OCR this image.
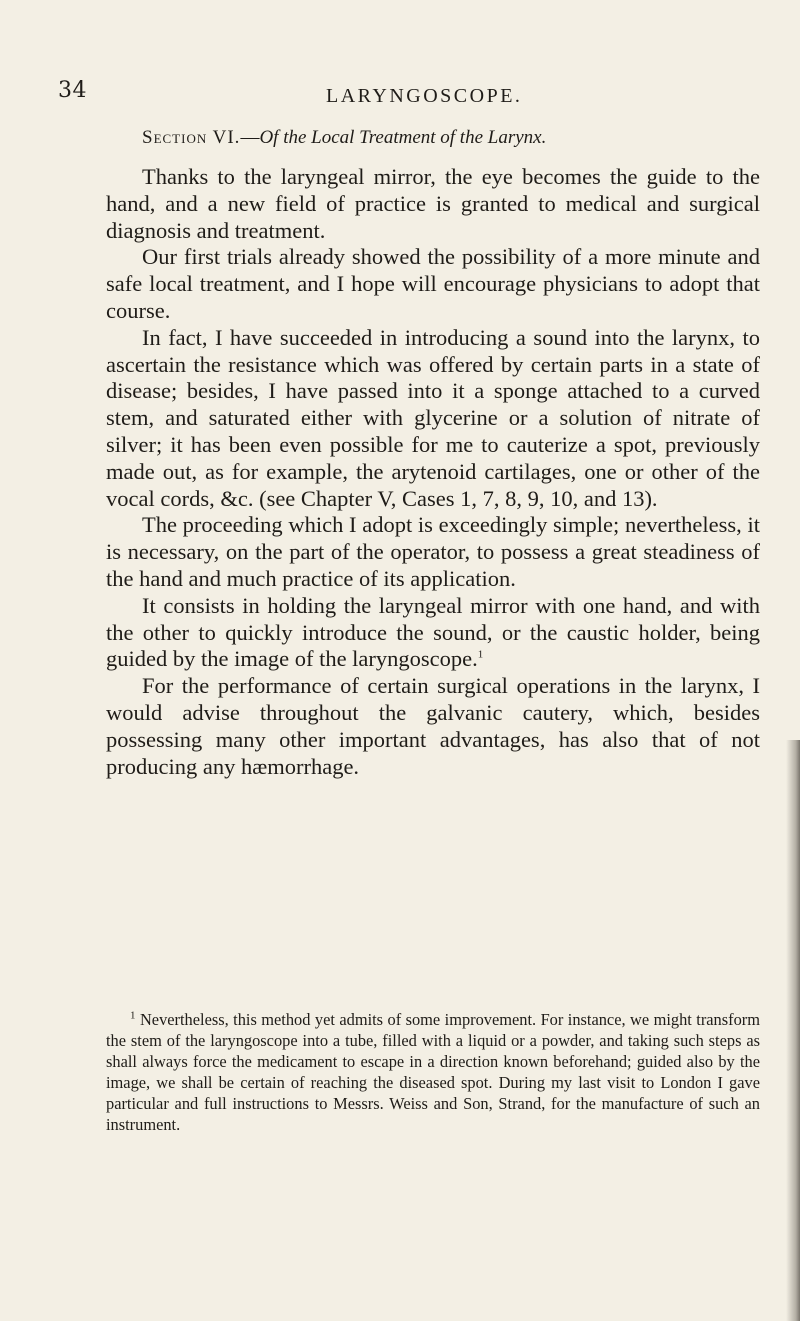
34	LARYNGOSCOPE.
Section VI.—Of the Local Treatment of the Larynx.

Thanks to the laryngeal mirror, the eye becomes the guide to the hand, and a new field of practice is granted to medical and surgical diagnosis and treatment.

Our first trials already showed the possibility of a more minute and safe local treatment, and I hope will encourage physicians to adopt that course.

In fact, I have succeeded in introducing a sound into the larynx, to ascertain the resistance which was offered by certain parts in a state of disease; besides, I have passed into it a sponge attached to a curved stem, and saturated either with glycerine or a solution of nitrate of silver; it has been even possible for me to cauterize a spot, previously made out, as for example, the arytenoid cartilages, one or other of the vocal cords, &c. (see Chapter V, Cases 1, 7, 8, 9, 10, and 13).

The proceeding which I adopt is exceedingly simple; nevertheless, it is necessary, on the part of the operator, to possess a great steadiness of the hand and much practice of its application.

It consists in holding the laryngeal mirror with one hand, and with the other to quickly introduce the sound, or the caustic holder, being guided by the image of the laryngoscope.$^1$

For the performance of certain surgical operations in the larynx, I would advise throughout the galvanic cautery, which, besides possessing many other important advantages, has also that of not producing any hæmorrhage.

$^1$ Nevertheless, this method yet admits of some improvement. For instance, we might transform the stem of the laryngoscope into a tube, filled with a liquid or a powder, and taking such steps as shall always force the medicament to escape in a direction known beforehand; guided also by the image, we shall be certain of reaching the diseased spot. During my last visit to London I gave particular and full instructions to Messrs. Weiss and Son, Strand, for the manufacture of such an instrument.
